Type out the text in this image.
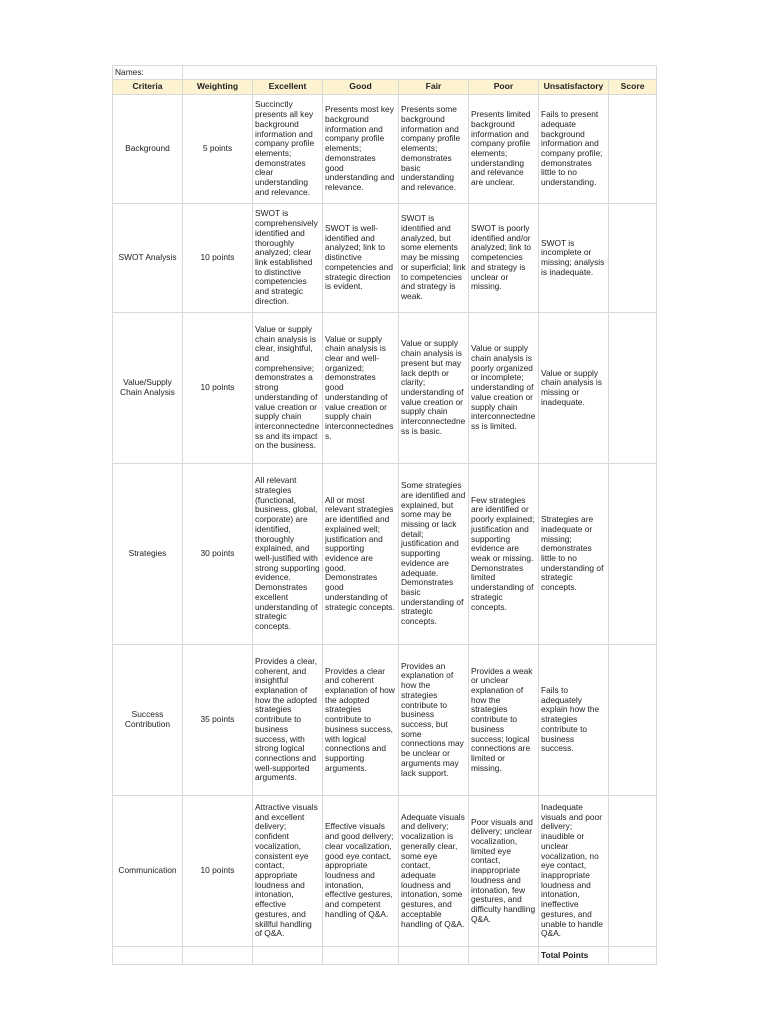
Names:							
Criteria	Weighting	Excellent	Good	Fair	Poor	Unsatisfactory	Score
Background	5 points	Succinctly presents all key background information and company profile elements; demonstrates clear understanding and relevance.	Presents most key background information and company profile elements; demonstrates good understanding and relevance.	Presents some background information and company profile elements; demonstrates basic understanding and relevance.	Presents limited background information and company profile elements; understanding and relevance are unclear.	Fails to present adequate background information and company profile; demonstrates little to no understanding.	
SWOT Analysis	10 points	SWOT is comprehensively identified and thoroughly analyzed; clear link established to distinctive competencies and strategic direction.	SWOT is well-identified and analyzed; link to distinctive competencies and strategic direction is evident.	SWOT is identified and analyzed, but some elements may be missing or superficial; link to competencies and strategy is weak.	SWOT is poorly identified and/or analyzed; link to competencies and strategy is unclear or missing.	SWOT is incomplete or missing; analysis is inadequate.	
Value/Supply Chain Analysis	10 points	Value or supply chain analysis is clear, insightful, and comprehensive; demonstrates a strong understanding of value creation or supply chain interconnectedness and its impact on the business.	Value or supply chain analysis is clear and well-organized; demonstrates good understanding of value creation or supply chain interconnectedness.	Value or supply chain analysis is present but may lack depth or clarity; understanding of value creation or supply chain interconnectedness is basic.	Value or supply chain analysis is poorly organized or incomplete; understanding of value creation or supply chain interconnectedness is limited.	Value or supply chain analysis is missing or inadequate.	
Strategies	30 points	All relevant strategies (functional, business, global, corporate) are identified, thoroughly explained, and well-justified with strong supporting evidence. Demonstrates excellent understanding of strategic concepts.	All or most relevant strategies are identified and explained well; justification and supporting evidence are good. Demonstrates good understanding of strategic concepts.	Some strategies are identified and explained, but some may be missing or lack detail; justification and supporting evidence are adequate. Demonstrates basic understanding of strategic concepts.	Few strategies are identified or poorly explained; justification and supporting evidence are weak or missing. Demonstrates limited understanding of strategic concepts.	Strategies are inadequate or missing; demonstrates little to no understanding of strategic concepts.	
Success Contribution	35 points	Provides a clear, coherent, and insightful explanation of how the adopted strategies contribute to business success, with strong logical connections and well-supported arguments.	Provides a clear and coherent explanation of how the adopted strategies contribute to business success, with logical connections and supporting arguments.	Provides an explanation of how the strategies contribute to business success, but some connections may be unclear or arguments may lack support.	Provides a weak or unclear explanation of how the strategies contribute to business success; logical connections are limited or missing.	Fails to adequately explain how the strategies contribute to business success.	
Communication	10 points	Attractive visuals and excellent delivery; confident vocalization, consistent eye contact, appropriate loudness and intonation, effective gestures, and skillful handling of Q&A.	Effective visuals and good delivery; clear vocalization, good eye contact, appropriate loudness and intonation, effective gestures, and competent handling of Q&A.	Adequate visuals and delivery; vocalization is generally clear, some eye contact, adequate loudness and intonation, some gestures, and acceptable handling of Q&A.	Poor visuals and delivery; unclear vocalization, limited eye contact, inappropriate loudness and intonation, few gestures, and difficulty handling Q&A.	Inadequate visuals and poor delivery; inaudible or unclear vocalization, no eye contact, inappropriate loudness and intonation, ineffective gestures, and unable to handle Q&A.	
						Total Points	
